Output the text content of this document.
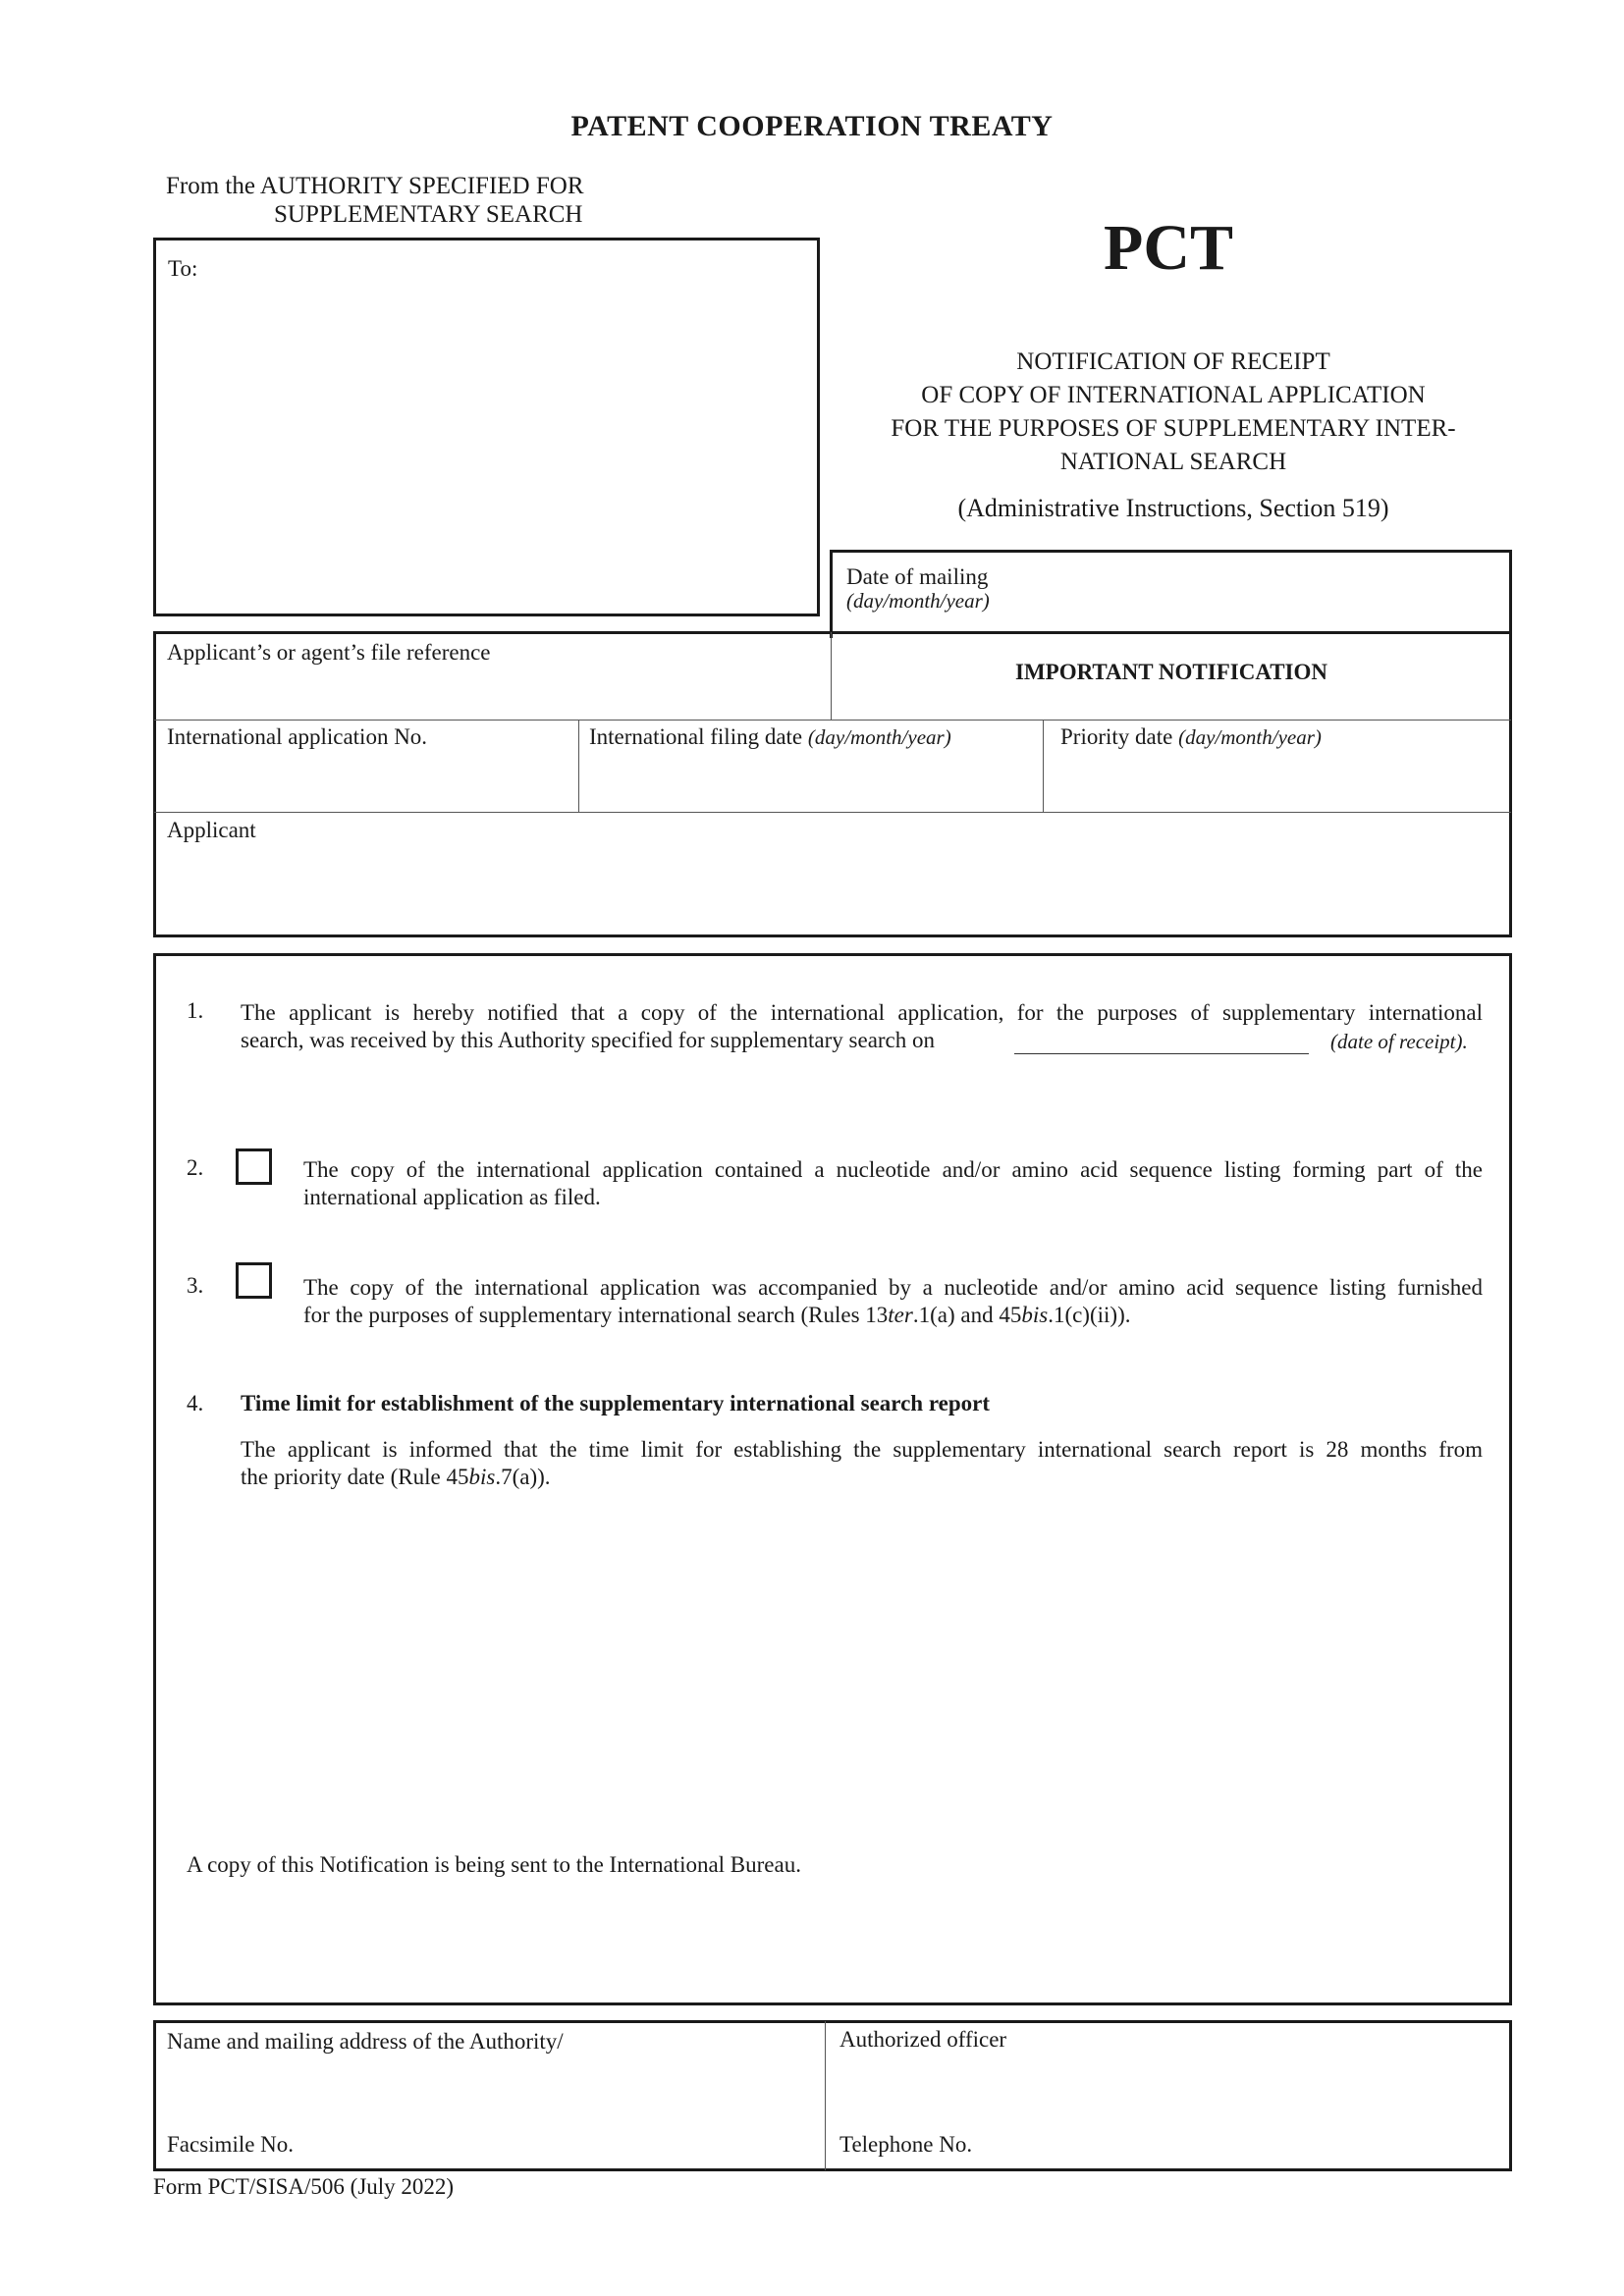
PATENT COOPERATION TREATY
From the AUTHORITY SPECIFIED FOR
SUPPLEMENTARY SEARCH	PCT
To:
NOTIFICATION OF RECEIPT
OF COPY OF INTERNATIONAL APPLICATION
FOR THE PURPOSES OF SUPPLEMENTARY INTER-
NATIONAL SEARCH
(Administrative Instructions, Section 519)
Date of mailing
(day/month/year)
Applicant’s or agent’s file reference
IMPORTANT NOTIFICATION
International application No.	International filing date (day/month/year)	Priority date (day/month/year)
Applicant
1. The applicant is hereby notified that a copy of the international application, for the purposes of supplementary international
search, was received by this Authority specified for supplementary search on	(date of receipt).
2.	The copy of the international application contained a nucleotide and/or amino acid sequence listing forming part of the
international application as filed.
3.	The copy of the international application was accompanied by a nucleotide and/or amino acid sequence listing furnished
for the purposes of supplementary international search (Rules 13ter.1(a) and 45bis.1(c)(ii)).
4. Time limit for establishment of the supplementary international search report
The applicant is informed that the time limit for establishing the supplementary international search report is 28 months from
the priority date (Rule 45bis.7(a)).
A copy of this Notification is being sent to the International Bureau.
Name and mailing address of the Authority/
Facsimile No.
Authorized officer
Telephone No.
Form PCT/SISA/506 (July 2022)
